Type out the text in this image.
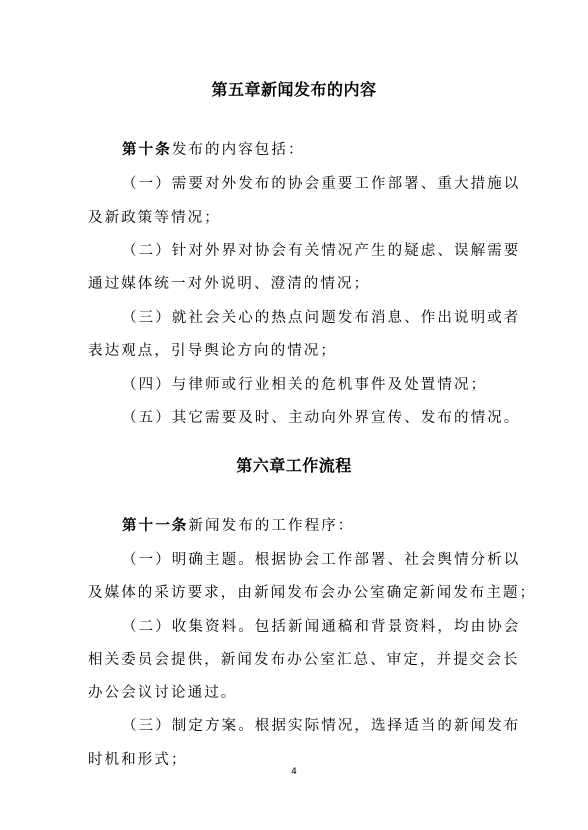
第五章新闻发布的内容
第十条发布的内容包括：
（一）需要对外发布的协会重要工作部署、重大措施以
及新政策等情况；
（二）针对外界对协会有关情况产生的疑虑、误解需要
通过媒体统一对外说明、澄清的情况；
（三）就社会关心的热点问题发布消息、作出说明或者
表达观点，引导舆论方向的情况；
（四）与律师或行业相关的危机事件及处置情况；
（五）其它需要及时、主动向外界宣传、发布的情况。
第六章工作流程
第十一条新闻发布的工作程序：
（一）明确主题。根据协会工作部署、社会舆情分析以
及媒体的采访要求，由新闻发布会办公室确定新闻发布主题；
（二）收集资料。包括新闻通稿和背景资料，均由协会
相关委员会提供，新闻发布办公室汇总、审定，并提交会长
办公会议讨论通过。
（三）制定方案。根据实际情况，选择适当的新闻发布
时机和形式；
4
